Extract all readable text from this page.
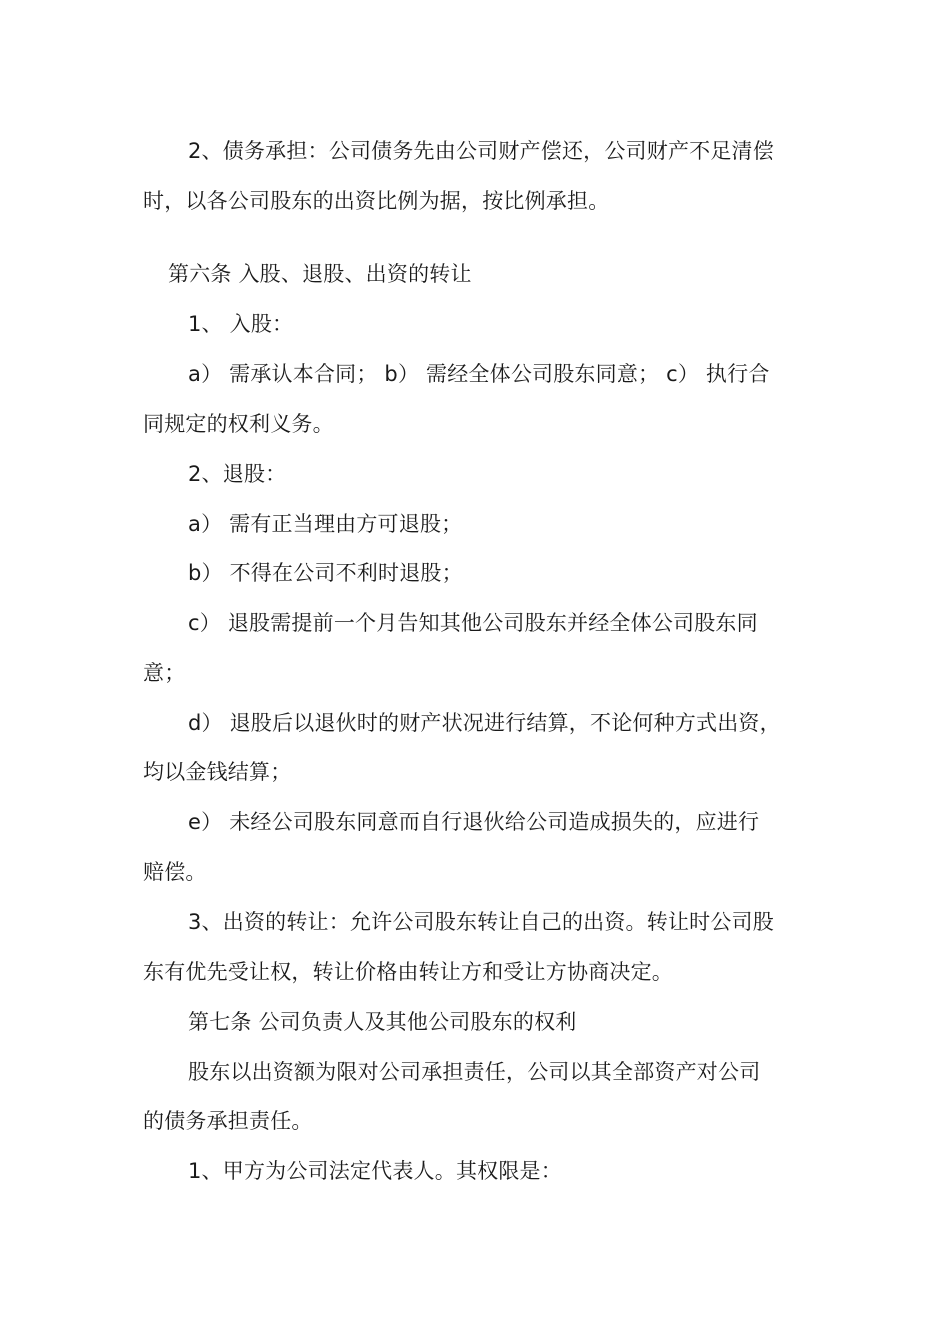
2、债务承担：公司债务先由公司财产偿还，公司财产不足清偿
时，以各公司股东的出资比例为据，按比例承担。
第六条 入股、退股、出资的转让
1、 入股：
a） 需承认本合同； b） 需经全体公司股东同意； c） 执行合
同规定的权利义务。
2、退股：
a） 需有正当理由方可退股；
b） 不得在公司不利时退股；
c） 退股需提前一个月告知其他公司股东并经全体公司股东同
意；
d） 退股后以退伙时的财产状况进行结算，不论何种方式出资，
均以金钱结算；
e） 未经公司股东同意而自行退伙给公司造成损失的，应进行
赔偿。
3、出资的转让：允许公司股东转让自己的出资。转让时公司股
东有优先受让权，转让价格由转让方和受让方协商决定。
第七条 公司负责人及其他公司股东的权利
股东以出资额为限对公司承担责任，公司以其全部资产对公司
的债务承担责任。
1、甲方为公司法定代表人。其权限是：
